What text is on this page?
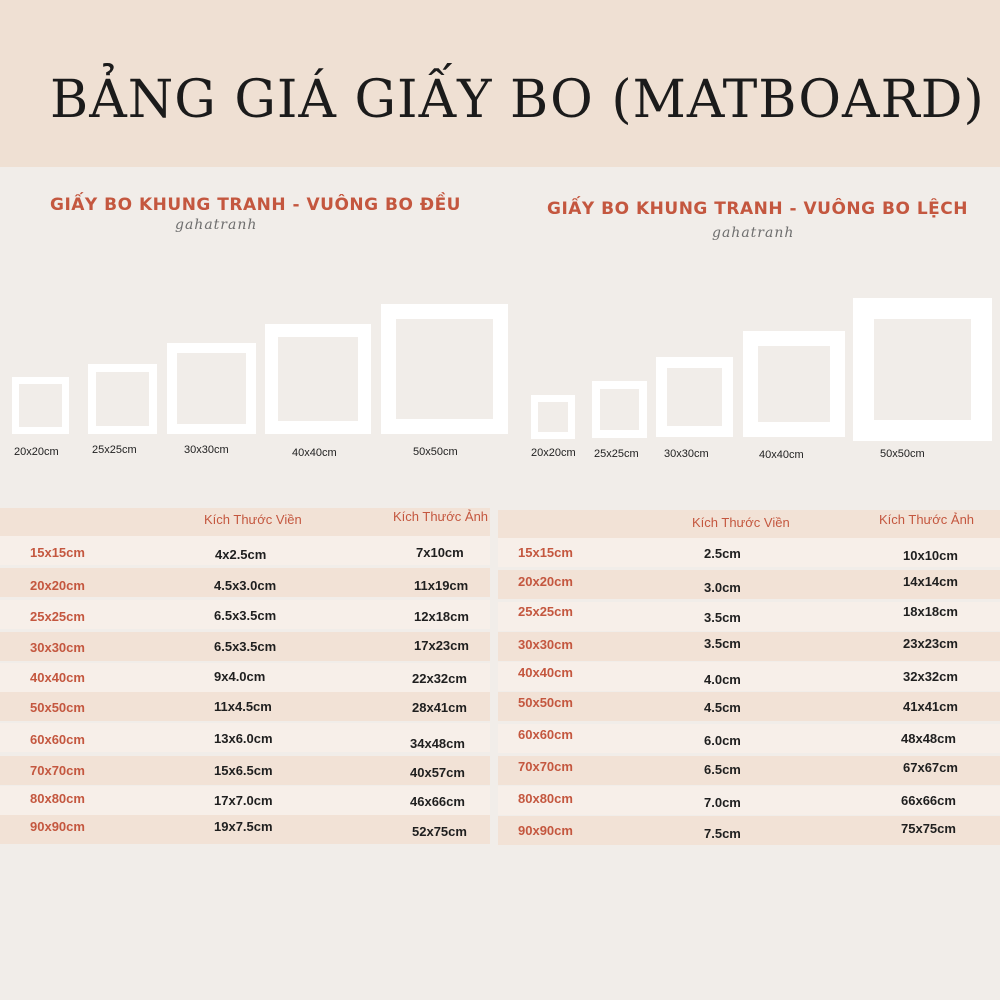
BẢNG GIÁ GIẤY BO (MATBOARD)
GIẤY BO KHUNG TRANH - VUÔNG BO ĐỀU
gahatranh
GIẤY BO KHUNG TRANH - VUÔNG BO LỆCH
gahatranh
20x20cm	25x25cm	30x30cm	40x40cm	50x50cm	20x20cm 25x25cm 30x30cm	40x40cm	50x50cm
Kích Thước Viền	Kích Thước Ảnh	Kích Thước Viền	Kích Thước Ảnh
15x15cm	4x2.5cm	7x10cm
20x20cm	4.5x3.0cm	11x19cm
25x25cm	6.5x3.5cm	12x18cm
30x30cm	6.5x3.5cm	17x23cm
40x40cm	9x4.0cm	22x32cm
50x50cm	11x4.5cm	28x41cm
60x60cm	13x6.0cm	34x48cm
70x70cm	15x6.5cm	40x57cm
80x80cm	17x7.0cm	46x66cm
90x90cm	19x7.5cm	52x75cm
15x15cm	2.5cm	10x10cm
20x20cm	3.0cm	14x14cm
25x25cm	3.5cm	18x18cm
30x30cm	3.5cm	23x23cm
40x40cm	4.0cm	32x32cm
50x50cm	4.5cm	41x41cm
60x60cm	6.0cm	48x48cm
70x70cm	6.5cm	67x67cm
80x80cm	7.0cm	66x66cm
90x90cm	7.5cm	75x75cm
